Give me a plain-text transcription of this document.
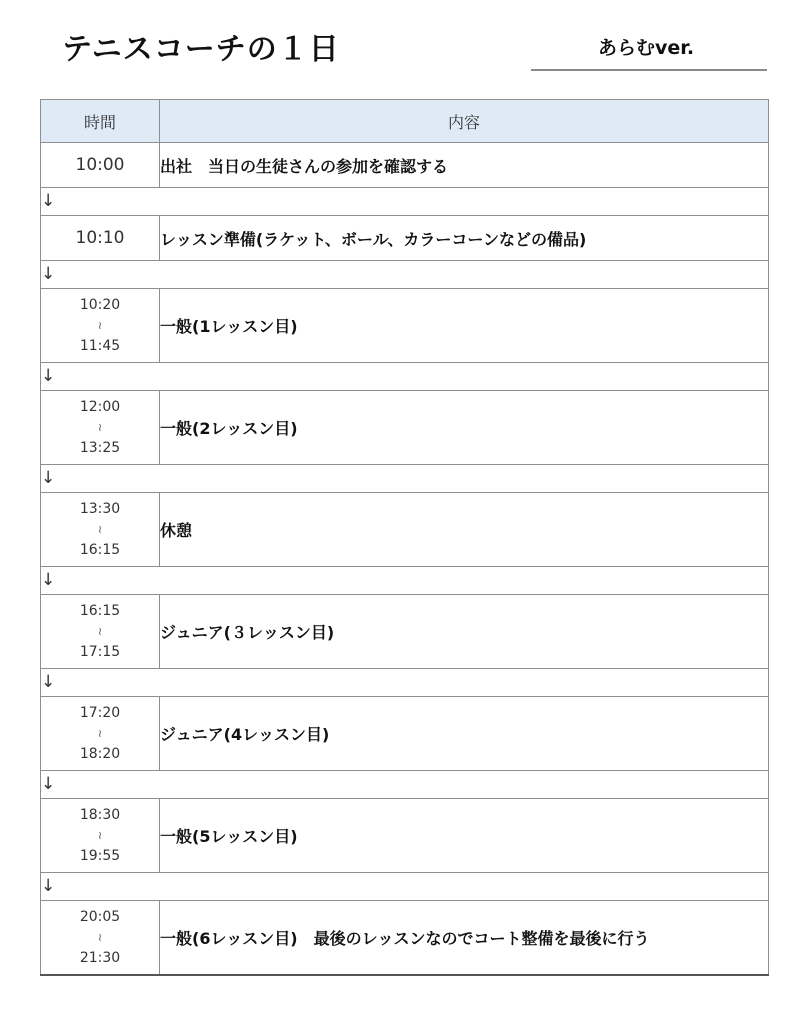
テニスコーチの１日	あらむver.
時間	内容
10:00	出社　当日の生徒さんの参加を確認する
↓	
10:10	レッスン準備(ラケット、ボール、カラーコーンなどの備品)
↓	

10:20
≀
11:45	一般(1レッスン目)
↓	

12:00
≀
13:25	一般(2レッスン目)
↓	

13:30
≀
16:15	休憩
↓	

16:15
≀
17:15	ジュニア(３レッスン目)
↓	

17:20
≀
18:20	ジュニア(4レッスン目)
↓	

18:30
≀
19:55	一般(5レッスン目)
↓	

20:05
≀
21:30	一般(6レッスン目)　最後のレッスンなのでコート整備を最後に行う
